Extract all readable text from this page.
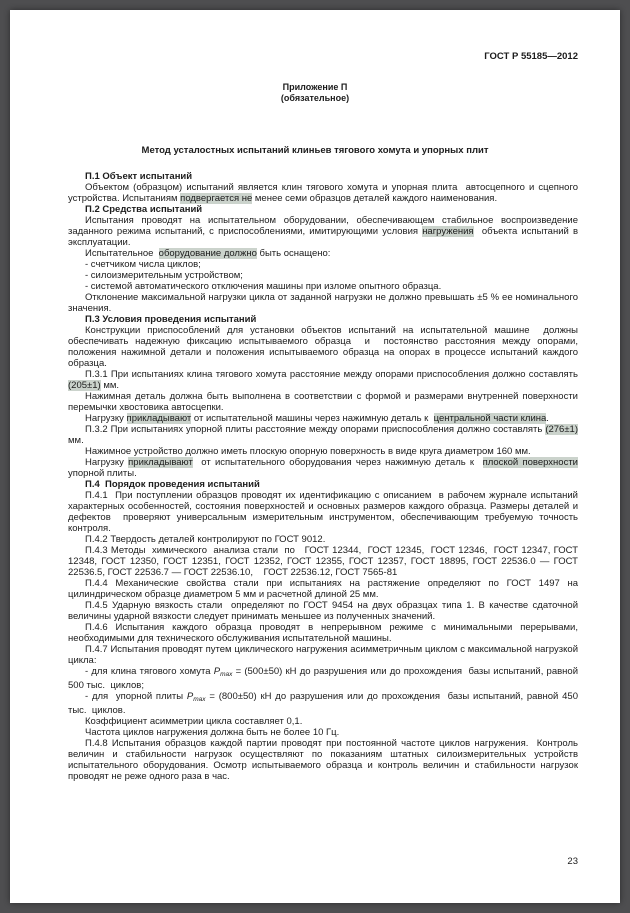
ГОСТ Р 55185—2012
Приложение П
(обязательное)
Метод усталостных испытаний клиньев тягового хомута и упорных плит

П.1 Объект испытаний

Объектом (образцом) испытаний является клин тягового хомута и упорная плита  автосцепного и сцепного устройства. Испытаниям подвергается не менее семи образцов деталей каждого наименования.

П.2 Средства испытаний

Испытания проводят на испытательном оборудовании, обеспечивающем стабильное воспроизведение заданного режима испытаний, с приспособлениями, имитирующими условия нагружения  объекта испытаний в эксплуатации.

Испытательное  оборудование должно быть оснащено:

- счетчиком числа циклов;

- силоизмерительным устройством;

- системой автоматического отключения машины при изломе опытного образца.

Отклонение максимальной нагрузки цикла от заданной нагрузки не должно превышать ±5 % ее номинального значения.

П.3 Условия проведения испытаний

Конструкции приспособлений для установки объектов испытаний на испытательной машине  должны обеспечивать надежную фиксацию испытываемого образца  и  постоянство расстояния между опорами, положения нажимной детали и положения испытываемого образца на опорах в процессе испытаний каждого образца.

П.3.1 При испытаниях клина тягового хомута расстояние между опорами приспособления должно составлять  (205±1) мм.

Нажимная деталь должна быть выполнена в соответствии с формой и размерами внутренней поверхности перемычки хвостовика автосцепки.

Нагрузку прикладывают от испытательной машины через нажимную деталь к  центральной части клина.

П.3.2 При испытаниях упорной плиты расстояние между опорами приспособления должно составлять (276±1) мм.

Нажимное устройство должно иметь плоскую опорную поверхность в виде круга диаметром 160 мм.

Нагрузку прикладывают  от испытательного оборудования через нажимную деталь к  плоской поверхности упорной плиты.

П.4  Порядок проведения испытаний

П.4.1  При поступлении образцов проводят их идентификацию с описанием  в рабочем журнале испытаний характерных особенностей, состояния поверхностей и основных размеров каждого образца. Размеры деталей и дефектов  проверяют универсальным измерительным инструментом, обеспечивающим требуемую точность контроля.

П.4.2 Твердость деталей контролируют по ГОСТ 9012.

П.4.3 Методы  химического  анализа стали  по   ГОСТ 12344,  ГОСТ 12345,  ГОСТ 12346,  ГОСТ 12347, ГОСТ 12348, ГОСТ 12350, ГОСТ 12351, ГОСТ 12352, ГОСТ 12355, ГОСТ 12357, ГОСТ 18895, ГОСТ 22536.0 — ГОСТ 22536.5, ГОСТ 22536.7 — ГОСТ 22536.10,    ГОСТ 22536.12, ГОСТ 7565-81

П.4.4 Механические свойства стали при испытаниях на растяжение определяют по ГОСТ 1497 на цилиндрическом образце диаметром 5 мм и расчетной длиной 25 мм.

П.4.5 Ударную вязкость стали  определяют по ГОСТ 9454 на двух образцах типа 1. В качестве сдаточной величины ударной вязкости следует принимать меньшее из полученных значений.

П.4.6 Испытания каждого образца проводят в непрерывном режиме с минимальными перерывами, необходимыми для технического обслуживания испытательной машины.

П.4.7 Испытания проводят путем циклического нагружения асимметричным циклом с максимальной нагрузкой цикла:

- для клина тягового хомута $P_{max} = (500\pm 50)$ кН до разрушения или до прохождения  базы испытаний, равной 500 тыс.  циклов;

- для  упорной плиты $P_{max} = (800\pm 50)$ кН до разрушения или до прохождения  базы испытаний, равной 450 тыс.  циклов.

Коэффициент асимметрии цикла составляет 0,1.

Частота циклов нагружения должна быть не более 10 Гц.

П.4.8 Испытания образцов каждой партии проводят при постоянной частоте циклов нагружения.  Контроль величин и стабильности нагрузок осуществляют по показаниям штатных силоизмерительных устройств испытательного оборудования. Осмотр испытываемого образца и контроль величин и стабильности нагрузок проводят не реже одного раза в час.

23
